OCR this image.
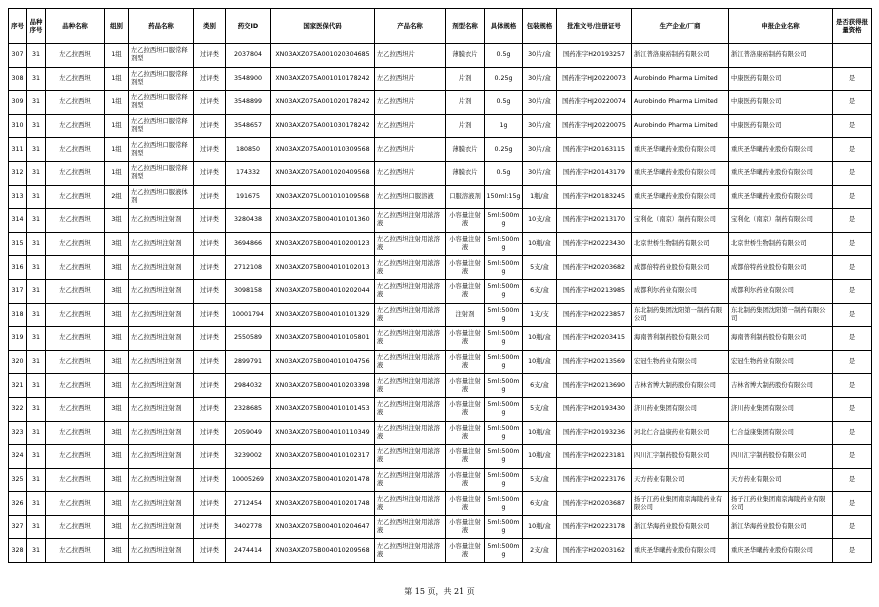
序号	品种序号	品种名称	组别	药品名称	类别	药交ID	国家医保代码	产品名称	剂型名称	具体规格	包装规格	批准文号/注册证号	生产企业/厂商	申报企业名称	是否获得报量资格
307	31	左乙拉西坦	1组	左乙拉西坦口服常释剂型	过评类	2037804	XN03AXZ075A001020304685	左乙拉西坦片	薄膜衣片	0.5g	30片/盒	国药准字H20193257	浙江普洛康裕制药有限公司	浙江普洛康裕制药有限公司	
308	31	左乙拉西坦	1组	左乙拉西坦口服常释剂型	过评类	3548900	XN03AXZ075A001010178242	左乙拉西坦片	片剂	0.25g	30片/盒	国药准字HJ20220073	Aurobindo Pharma Limited	中康医药有限公司	是
309	31	左乙拉西坦	1组	左乙拉西坦口服常释剂型	过评类	3548899	XN03AXZ075A001020178242	左乙拉西坦片	片剂	0.5g	30片/盒	国药准字HJ20220074	Aurobindo Pharma Limited	中康医药有限公司	是
310	31	左乙拉西坦	1组	左乙拉西坦口服常释剂型	过评类	3548657	XN03AXZ075A001030178242	左乙拉西坦片	片剂	1g	30片/盒	国药准字HJ20220075	Aurobindo Pharma Limited	中康医药有限公司	是
311	31	左乙拉西坦	1组	左乙拉西坦口服常释剂型	过评类	180850	XN03AXZ075A001010309568	左乙拉西坦片	薄膜衣片	0.25g	30片/盒	国药准字H20163115	重庆圣华曦药业股份有限公司	重庆圣华曦药业股份有限公司	是
312	31	左乙拉西坦	1组	左乙拉西坦口服常释剂型	过评类	174332	XN03AXZ075A001020409568	左乙拉西坦片	薄膜衣片	0.5g	30片/盒	国药准字H20143179	重庆圣华曦药业股份有限公司	重庆圣华曦药业股份有限公司	是
313	31	左乙拉西坦	2组	左乙拉西坦口服液体剂	过评类	191675	XN03AXZ075L001010109568	左乙拉西坦口服溶液	口服溶液剂	150ml:15g	1瓶/盒	国药准字H20183245	重庆圣华曦药业股份有限公司	重庆圣华曦药业股份有限公司	是
314	31	左乙拉西坦	3组	左乙拉西坦注射剂	过评类	3280438	XN03AXZ075B004010101360	左乙拉西坦注射用浓溶液	小容量注射液	5ml:500mg	10支/盒	国药准字H20213170	宝利化（南京）制药有限公司	宝利化（南京）制药有限公司	是
315	31	左乙拉西坦	3组	左乙拉西坦注射剂	过评类	3694866	XN03AXZ075B004010200123	左乙拉西坦注射用浓溶液	小容量注射液	5ml:500mg	10瓶/盒	国药准字H20223430	北京世桥生物制药有限公司	北京世桥生物制药有限公司	是
316	31	左乙拉西坦	3组	左乙拉西坦注射剂	过评类	2712108	XN03AXZ075B004010102013	左乙拉西坦注射用浓溶液	小容量注射液	5ml:500mg	5支/盒	国药准字H20203682	成都倍特药业股份有限公司	成都倍特药业股份有限公司	是
317	31	左乙拉西坦	3组	左乙拉西坦注射剂	过评类	3098158	XN03AXZ075B004010202044	左乙拉西坦注射用浓溶液	小容量注射液	5ml:500mg	6支/盒	国药准字H20213985	成都利尔药业有限公司	成都利尔药业有限公司	是
318	31	左乙拉西坦	3组	左乙拉西坦注射剂	过评类	10001794	XN03AXZ075B004010101329	左乙拉西坦注射用浓溶液	注射剂	5ml:500mg	1支/支	国药准字H20223857	东北制药集团沈阳第一制药有限公司	东北制药集团沈阳第一制药有限公司	是
319	31	左乙拉西坦	3组	左乙拉西坦注射剂	过评类	2550589	XN03AXZ075B004010105801	左乙拉西坦注射用浓溶液	小容量注射液	5ml:500mg	10瓶/盒	国药准字H20203415	海南普利制药股份有限公司	海南普利制药股份有限公司	是
320	31	左乙拉西坦	3组	左乙拉西坦注射剂	过评类	2899791	XN03AXZ075B004010104756	左乙拉西坦注射用浓溶液	小容量注射液	5ml:500mg	10瓶/盒	国药准字H20213569	宏冠生物药业有限公司	宏冠生物药业有限公司	是
321	31	左乙拉西坦	3组	左乙拉西坦注射剂	过评类	2984032	XN03AXZ075B004010203398	左乙拉西坦注射用浓溶液	小容量注射液	5ml:500mg	6支/盒	国药准字H20213690	吉林省博大制药股份有限公司	吉林省博大制药股份有限公司	是
322	31	左乙拉西坦	3组	左乙拉西坦注射剂	过评类	2328685	XN03AXZ075B004010101453	左乙拉西坦注射用浓溶液	小容量注射液	5ml:500mg	5支/盒	国药准字H20193430	济川药业集团有限公司	济川药业集团有限公司	是
323	31	左乙拉西坦	3组	左乙拉西坦注射剂	过评类	2059049	XN03AXZ075B004010110349	左乙拉西坦注射用浓溶液	小容量注射液	5ml:500mg	10瓶/盒	国药准字H20193236	河北仁合益康药业有限公司	仁合益康集团有限公司	是
324	31	左乙拉西坦	3组	左乙拉西坦注射剂	过评类	3239002	XN03AXZ075B004010102317	左乙拉西坦注射用浓溶液	小容量注射液	5ml:500mg	10瓶/盒	国药准字H20223181	四川汇宇制药股份有限公司	四川汇宇制药股份有限公司	是
325	31	左乙拉西坦	3组	左乙拉西坦注射剂	过评类	10005269	XN03AXZ075B004010201478	左乙拉西坦注射用浓溶液	小容量注射液	5ml:500mg	5支/盒	国药准字H20223176	天方药业有限公司	天方药业有限公司	是
326	31	左乙拉西坦	3组	左乙拉西坦注射剂	过评类	2712454	XN03AXZ075B004010201748	左乙拉西坦注射用浓溶液	小容量注射液	5ml:500mg	6支/盒	国药准字H20203687	扬子江药业集团南京海陵药业有限公司	扬子江药业集团南京海陵药业有限公司	是
327	31	左乙拉西坦	3组	左乙拉西坦注射剂	过评类	3402778	XN03AXZ075B004010204647	左乙拉西坦注射用浓溶液	小容量注射液	5ml:500mg	10瓶/盒	国药准字H20223178	浙江华海药业股份有限公司	浙江华海药业股份有限公司	是
328	31	左乙拉西坦	3组	左乙拉西坦注射剂	过评类	2474414	XN03AXZ075B004010209568	左乙拉西坦注射用浓溶液	小容量注射液	5ml:500mg	2支/盒	国药准字H20203162	重庆圣华曦药业股份有限公司	重庆圣华曦药业股份有限公司	是
第 15 页，共 21 页
